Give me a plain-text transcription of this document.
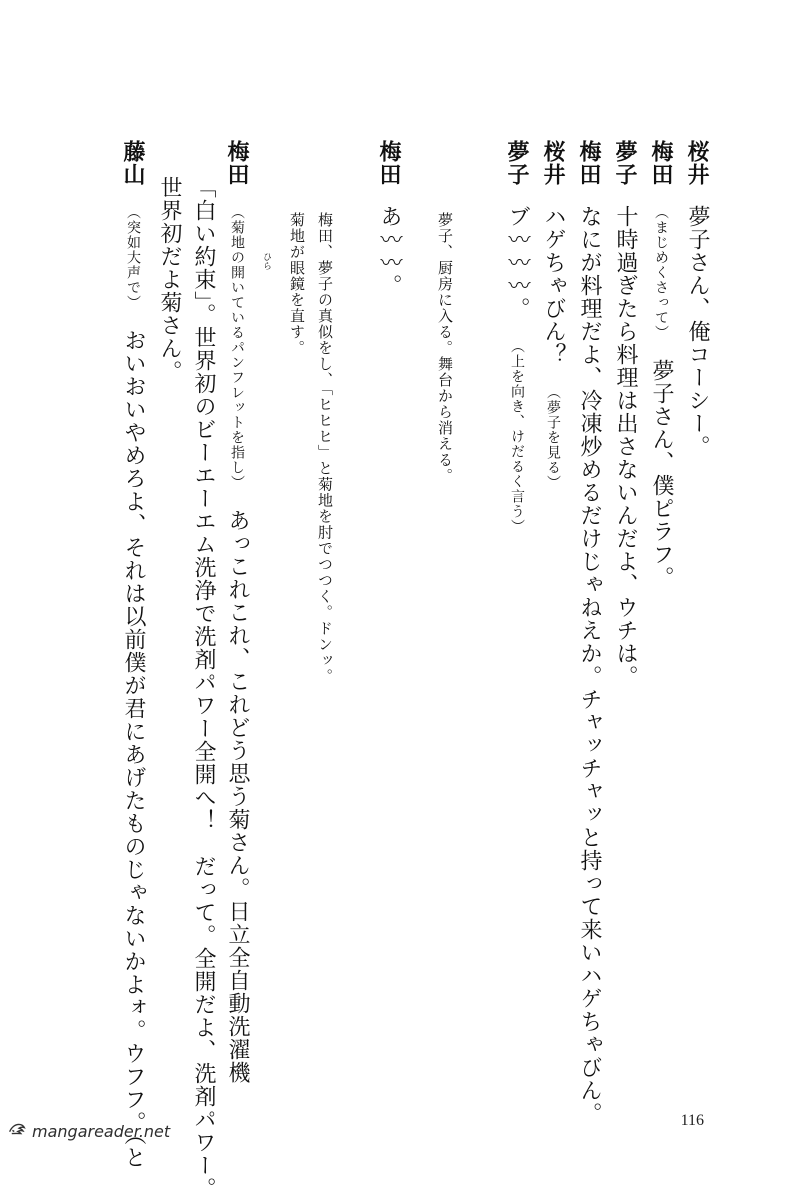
桜井 夢子さん、俺コーシー。
梅田 （まじめくさって） 夢子さん、僕ピラフ。
夢子 十時過ぎたら料理は出さないんだよ、ウチは。
梅田 なにが料理だよ、冷凍炒めるだけじゃねえか。チャッチャッと持って来いハゲちゃびん。
桜井 ハゲちゃびん？ （夢子を見る）
夢子 ブ〰〰〰。 （上を向き、けだるく言う）
夢子、厨房に入る。舞台から消える。
梅田 あ〰〰。
梅田、夢子の真似をし、「ヒヒヒ」と菊地を肘でつつく。ドンッ。
菊地が眼鏡を直す。
梅田 （菊地の開いているパンフレットを指し） あっこれこれ、これどう思う菊さん。日立全自動洗濯機
ひら
「白い約束」。世界初のビーエーエム洗浄で洗剤パワー全開へ！　だって。全開だよ、洗剤パワー。
世界初だよ菊さん。
藤山 （突如大声で） おいおいやめろよ、それは以前僕が君にあげたものじゃないかよォ。ウフフ。（と	116
mangareader.net
